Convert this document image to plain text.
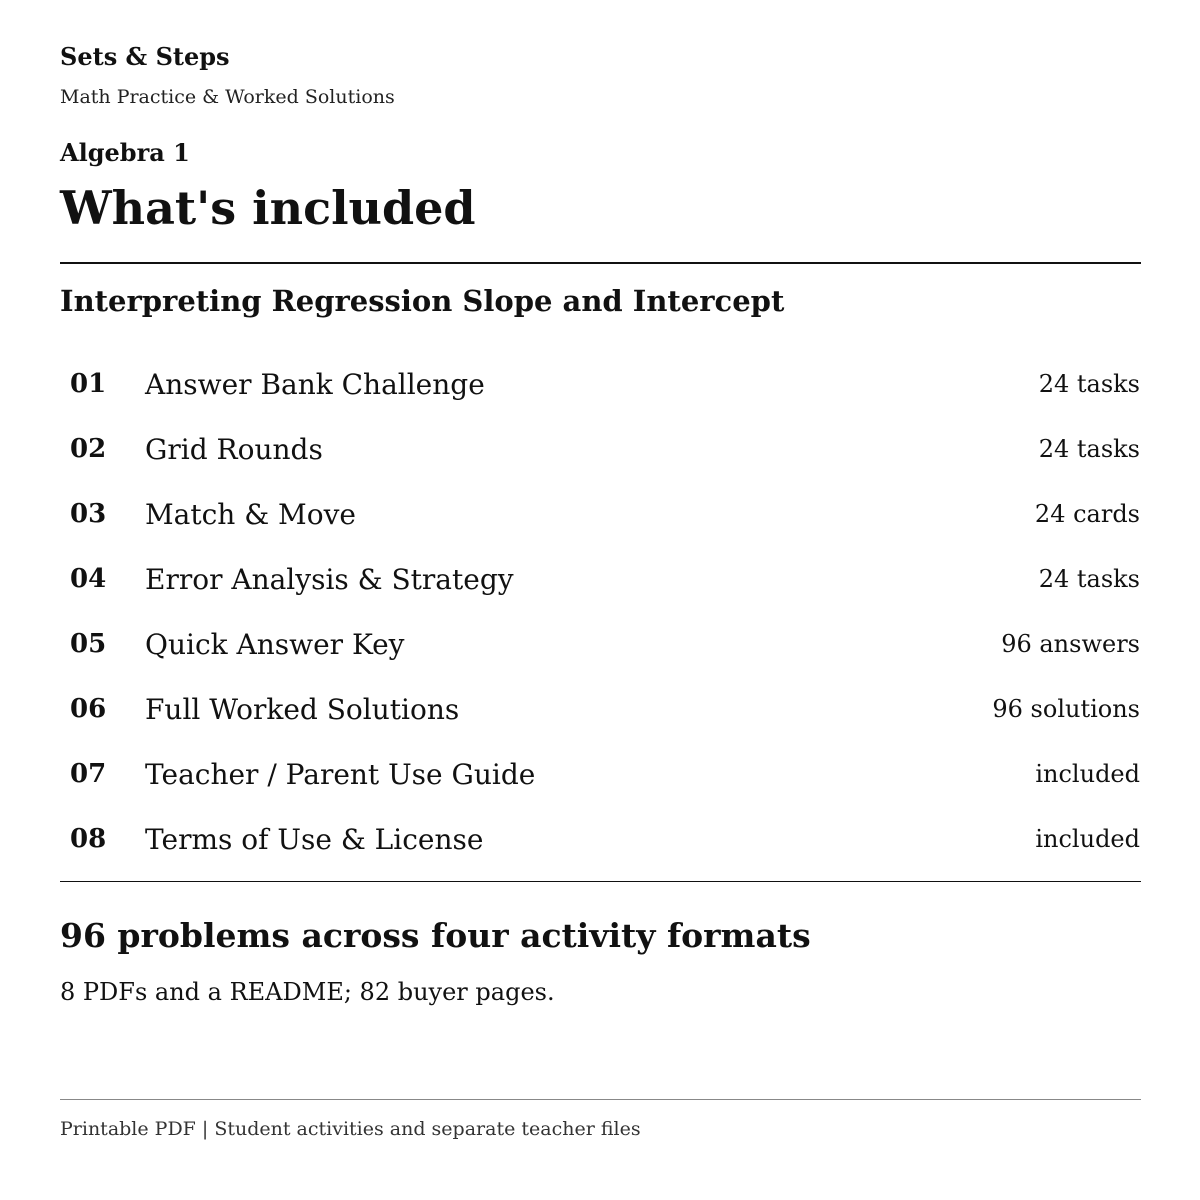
Sets & Steps
Math Practice & Worked Solutions
Algebra 1
What's included
Interpreting Regression Slope and Intercept
01 Answer Bank Challenge	24 tasks
02 Grid Rounds	24 tasks
03 Match & Move	24 cards
04 Error Analysis & Strategy	24 tasks
05 Quick Answer Key	96 answers
06 Full Worked Solutions	96 solutions
07 Teacher / Parent Use Guide	included
08 Terms of Use & License	included
96 problems across four activity formats

8 PDFs and a README; 82 buyer pages.

Printable PDF | Student activities and separate teacher files
